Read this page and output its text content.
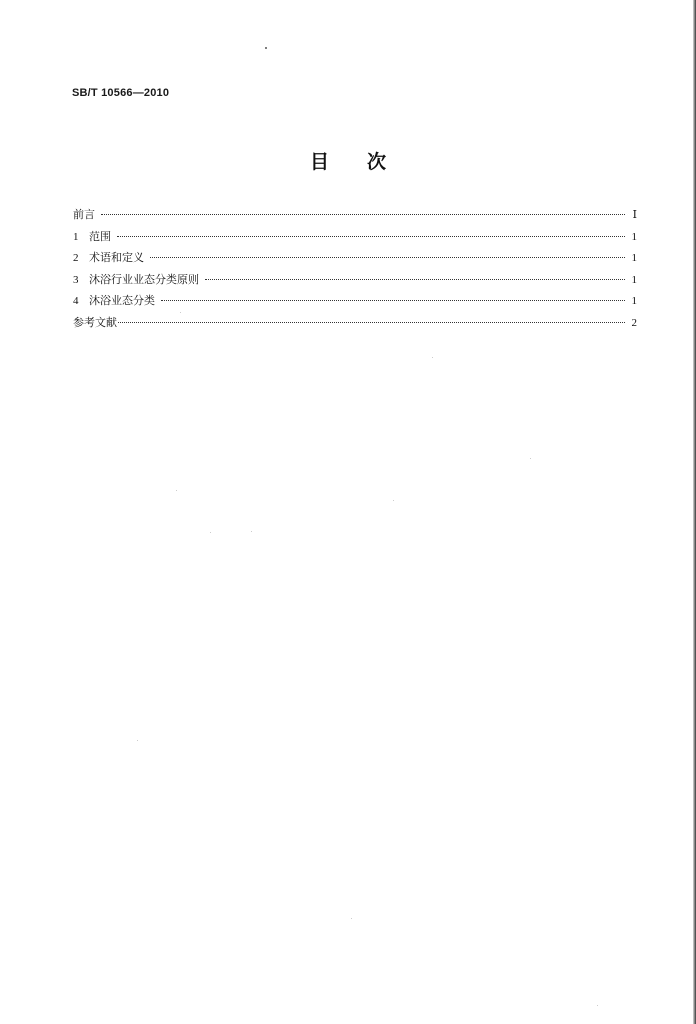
SB/T 10566—2010
目 次
前言	Ⅰ
1 范围	1
2 术语和定义	1
3 沐浴行业业态分类原则	1
4 沐浴业态分类	1
参考文献	2
